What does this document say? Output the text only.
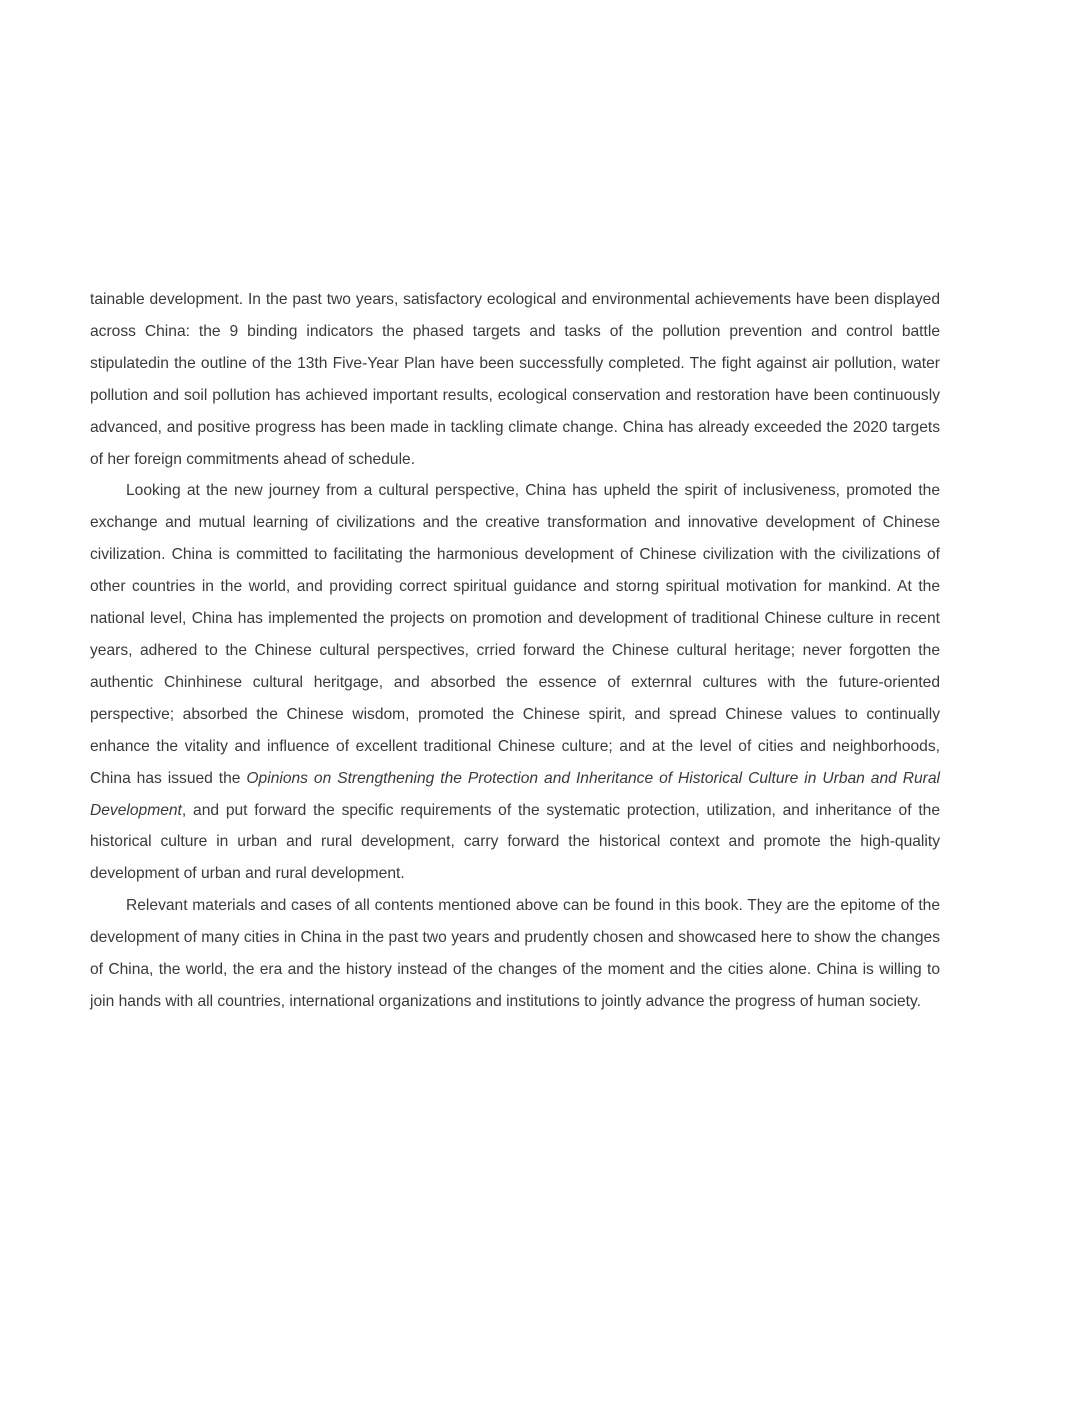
tainable development. In the past two years, satisfactory ecological and environmental achievements have been displayed across China: the 9 binding indicators the phased targets and tasks of the pollution prevention and control battle stipulatedin the outline of the 13th Five-Year Plan have been successfully completed. The fight against air pollution, water pollution and soil pollution has achieved important results, ecological conservation and restoration have been continuously advanced, and positive progress has been made in tackling climate change. China has already exceeded the 2020 targets of her foreign commitments ahead of schedule.

Looking at the new journey from a cultural perspective, China has upheld the spirit of inclusiveness, promoted the exchange and mutual learning of civilizations and the creative transformation and innovative development of Chinese civilization. China is committed to facilitating the harmonious development of Chinese civilization with the civilizations of other countries in the world, and providing correct spiritual guidance and storng spiritual motivation for mankind. At the national level, China has implemented the projects on promotion and development of traditional Chinese culture in recent years, adhered to the Chinese cultural perspectives, crried forward the Chinese cultural heritage; never forgotten the authentic Chinhinese cultural heritgage, and absorbed the essence of externral cultures with the future-oriented perspective; absorbed the Chinese wisdom, promoted the Chinese spirit, and spread Chinese values to continually enhance the vitality and influence of excellent traditional Chinese culture; and at the level of cities and neighborhoods, China has issued the Opinions on Strengthening the Protection and Inheritance of Historical Culture in Urban and Rural Development, and put forward the specific requirements of the systematic protection, utilization, and inheritance of the historical culture in urban and rural development, carry forward the historical context and promote the high-quality development of urban and rural development.

Relevant materials and cases of all contents mentioned above can be found in this book. They are the epitome of the development of many cities in China in the past two years and prudently chosen and showcased here to show the changes of China, the world, the era and the history instead of the changes of the moment and the cities alone. China is willing to join hands with all countries, international organizations and institutions to jointly advance the progress of human society.
